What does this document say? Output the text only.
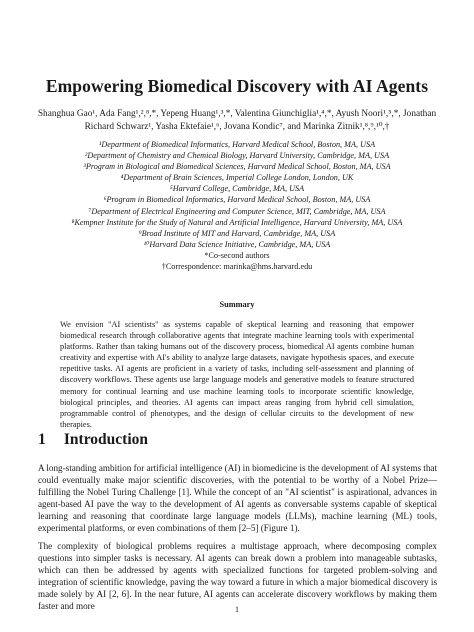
Empowering Biomedical Discovery with AI Agents
Shanghua Gao¹, Ada Fang¹,²,⁸,*, Yepeng Huang¹,³,*, Valentina Giunchiglia¹,⁴,*, Ayush Noori¹,⁵,*, Jonathan
Richard Schwarz¹, Yasha Ektefaie¹,⁶, Jovana Kondic⁷, and Marinka Zitnik¹,⁸,⁹,¹⁰,†
¹Department of Biomedical Informatics, Harvard Medical School, Boston, MA, USA
²Department of Chemistry and Chemical Biology, Harvard University, Cambridge, MA, USA
³Program in Biological and Biomedical Sciences, Harvard Medical School, Boston, MA, USA
⁴Department of Brain Sciences, Imperial College London, London, UK
⁵Harvard College, Cambridge, MA, USA
⁶Program in Biomedical Informatics, Harvard Medical School, Boston, MA, USA
⁷Department of Electrical Engineering and Computer Science, MIT, Cambridge, MA, USA
⁸Kempner Institute for the Study of Natural and Artificial Intelligence, Harvard University, MA, USA
⁹Broad Institute of MIT and Harvard, Cambridge, MA, USA
¹⁰Harvard Data Science Initiative, Cambridge, MA, USA
*Co-second authors
†Correspondence: marinka@hms.harvard.edu
Summary
We envision "AI scientists" as systems capable of skeptical learning and reasoning that empower biomedical research through collaborative agents that integrate machine learning tools with experimental platforms. Rather than taking humans out of the discovery process, biomedical AI agents combine human creativity and expertise with AI's ability to analyze large datasets, navigate hypothesis spaces, and execute repetitive tasks. AI agents are proficient in a variety of tasks, including self-assessment and planning of discovery workflows. These agents use large language models and generative models to feature structured memory for continual learning and use machine learning tools to incorporate scientific knowledge, biological principles, and theories. AI agents can impact areas ranging from hybrid cell simulation, programmable control of phenotypes, and the design of cellular circuits to the development of new therapies.
1 Introduction

A long-standing ambition for artificial intelligence (AI) in biomedicine is the development of AI systems that could eventually make major scientific discoveries, with the potential to be worthy of a Nobel Prize—fulfilling the Nobel Turing Challenge [1]. While the concept of an "AI scientist" is aspirational, advances in agent-based AI pave the way to the development of AI agents as conversable systems capable of skeptical learning and reasoning that coordinate large language models (LLMs), machine learning (ML) tools, experimental platforms, or even combinations of them [2–5] (Figure 1).

The complexity of biological problems requires a multistage approach, where decomposing complex questions into simpler tasks is necessary. AI agents can break down a problem into manageable subtasks, which can then be addressed by agents with specialized functions for targeted problem-solving and integration of scientific knowledge, paving the way toward a future in which a major biomedical discovery is made solely by AI [2, 6]. In the near future, AI agents can accelerate discovery workflows by making them faster and more	1
